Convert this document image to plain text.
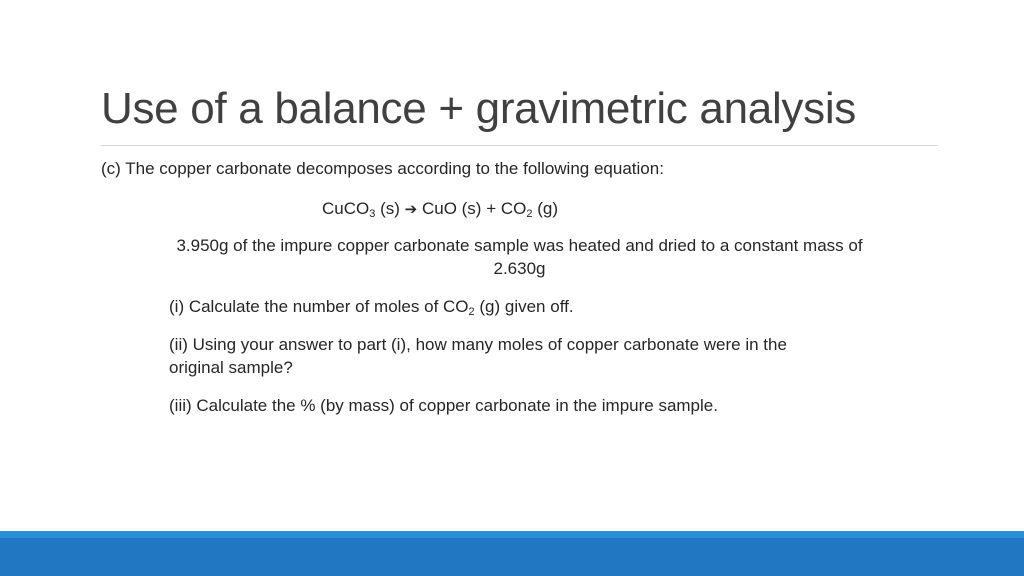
Use of a balance + gravimetric analysis
(c) The copper carbonate decomposes according to the following equation:
CuCO$_3$ (s) ➔ CuO $(s) + CO_2$ (g)
3.950g of the impure copper carbonate sample was heated and dried to a constant mass of
2.630g
(i) Calculate the number of moles of $CO_2$ (g) given off.
(ii) Using your answer to part (i), how many moles of copper carbonate were in the
original sample?
(iii) Calculate the % (by mass) of copper carbonate in the impure sample.
